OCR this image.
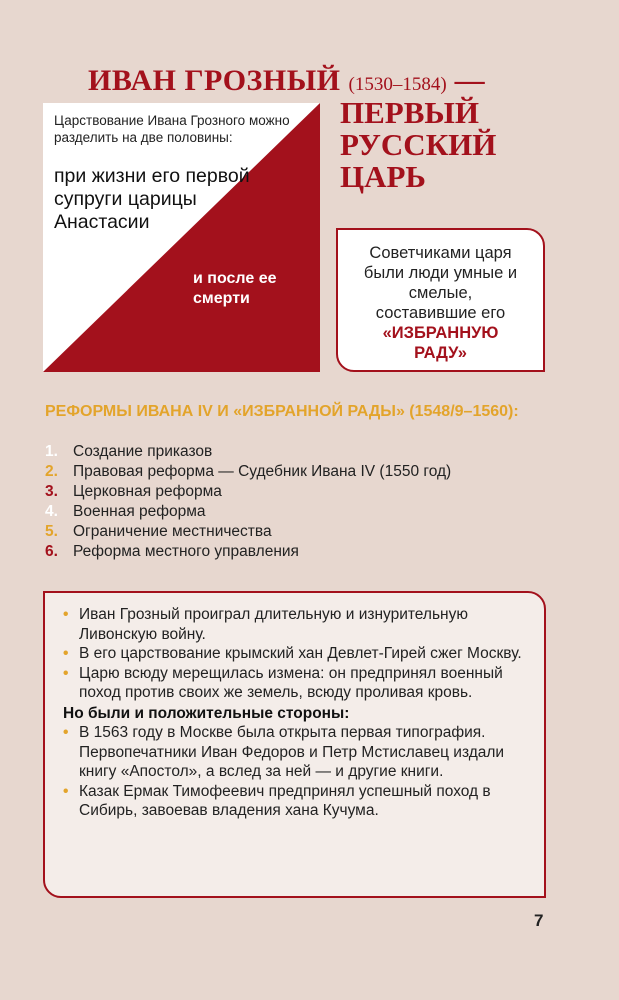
ИВАН ГРОЗНЫЙ (1530–1584) —
ПЕРВЫЙ
РУССКИЙ
ЦАРЬ
Царствование Ивана Грозного можно разделить на две половины:
при жизни его первой супруги царицы Анастасии
и после ее смерти
Советчиками царя были люди умные и смелые, составившие его
«ИЗБРАННУЮ РАДУ»
РЕФОРМЫ ИВАНА IV И «ИЗБРАННОЙ РАДЫ» (1548/9–1560):
1. Создание приказов
2. Правовая реформа — Судебник Ивана IV (1550 год)
3. Церковная реформа
4. Военная реформа
5. Ограничение местничества
6. Реформа местного управления
• Иван Грозный проиграл длительную и изнурительную Ливонскую войну.
• В его царствование крымский хан Девлет-Гирей сжег Москву.
• Царю всюду мерещилась измена: он предпринял военный поход против своих же земель, всюду проливая кровь.
Но были и положительные стороны:
• В 1563 году в Москве была открыта первая типография. Первопечатники Иван Федоров и Петр Мстиславец издали книгу «Апостол», а вслед за ней — и другие книги.
• Казак Ермак Тимофеевич предпринял успешный поход в Сибирь, завоевав владения хана Кучума.
7
